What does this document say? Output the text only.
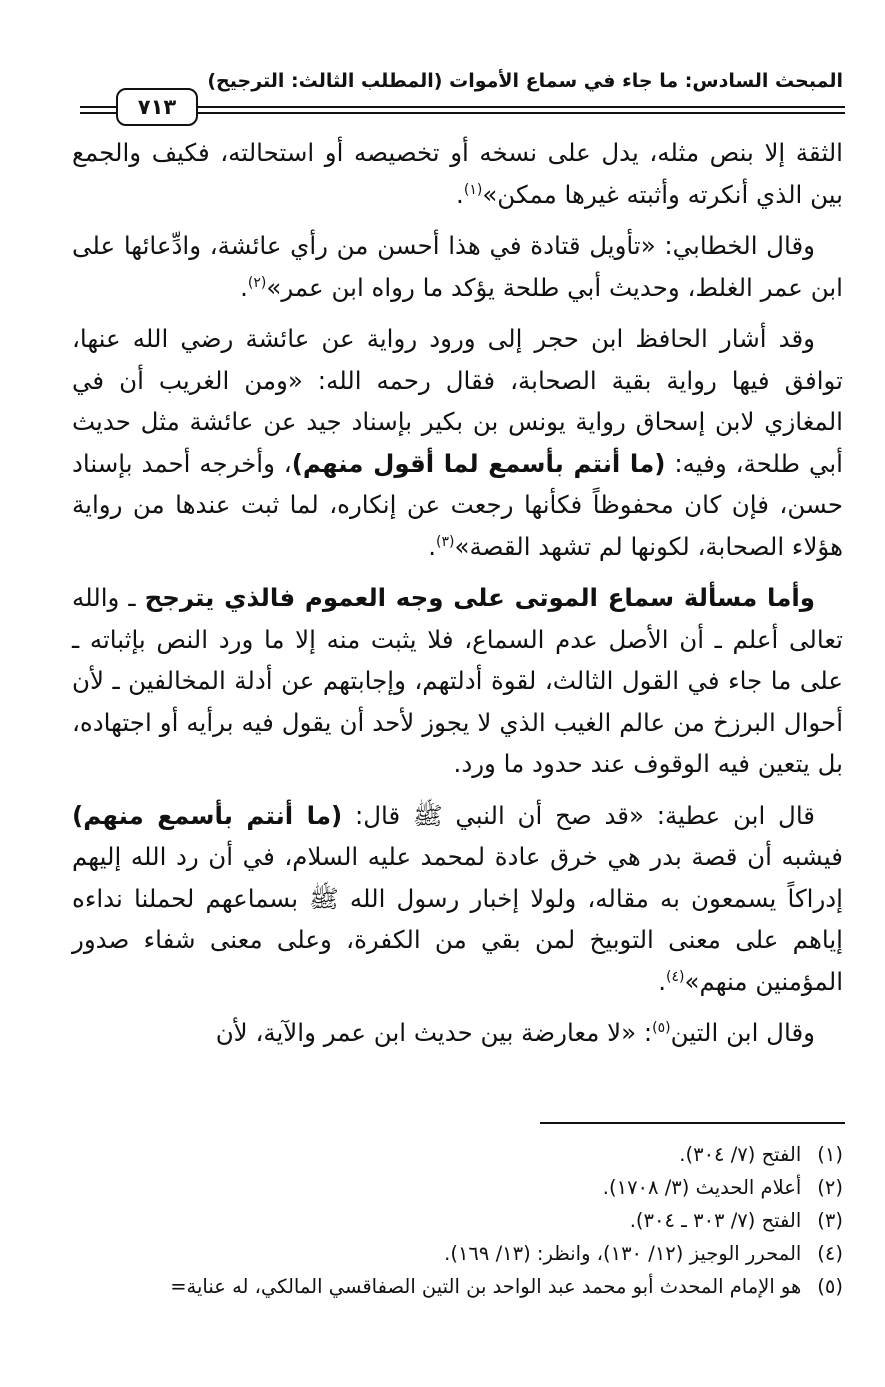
المبحث السادس: ما جاء في سماع الأموات (المطلب الثالث: الترجيح)
٧١٣

الثقة إلا بنص مثله، يدل على نسخه أو تخصيصه أو استحالته، فكيف والجمع بين الذي أنكرته وأثبته غيرها ممكن»$^{(١)}$.

وقال الخطابي: «تأويل قتادة في هذا أحسن من رأي عائشة، وادِّعائها على ابن عمر الغلط، وحديث أبي طلحة يؤكد ما رواه ابن عمر»$^{(٢)}$.

وقد أشار الحافظ ابن حجر إلى ورود رواية عن عائشة رضي الله عنها، توافق فيها رواية بقية الصحابة، فقال رحمه الله: «ومن الغريب أن في المغازي لابن إسحاق رواية يونس بن بكير بإسناد جيد عن عائشة مثل حديث أبي طلحة، وفيه: (ما أنتم بأسمع لما أقول منهم)، وأخرجه أحمد بإسناد حسن، فإن كان محفوظاً فكأنها رجعت عن إنكاره، لما ثبت عندها من رواية هؤلاء الصحابة، لكونها لم تشهد القصة»$^{(٣)}$.

وأما مسألة سماع الموتى على وجه العموم فالذي يترجح ـ والله تعالى أعلم ـ أن الأصل عدم السماع، فلا يثبت منه إلا ما ورد النص بإثباته ـ على ما جاء في القول الثالث، لقوة أدلتهم، وإجابتهم عن أدلة المخالفين ـ لأن أحوال البرزخ من عالم الغيب الذي لا يجوز لأحد أن يقول فيه برأيه أو اجتهاده، بل يتعين فيه الوقوف عند حدود ما ورد.

قال ابن عطية: «قد صح أن النبي ﷺ قال: (ما أنتم بأسمع منهم) فيشبه أن قصة بدر هي خرق عادة لمحمد عليه السلام، في أن رد الله إليهم إدراكاً يسمعون به مقاله، ولولا إخبار رسول الله ﷺ بسماعهم لحملنا نداءه إياهم على معنى التوبيخ لمن بقي من الكفرة، وعلى معنى شفاء صدور المؤمنين منهم»$^{(٤)}$.

وقال ابن التين$^{(٥)}$: «لا معارضة بين حديث ابن عمر والآية، لأن

(١)الفتح (٧/ ٣٠٤).

(٢)أعلام الحديث (٣/ ١٧٠٨).

(٣)الفتح (٧/ ٣٠٣ ـ ٣٠٤).

(٤)المحرر الوجيز (١٢/ ١٣٠)، وانظر: (١٣/ ١٦٩).

(٥)هو الإمام المحدث أبو محمد عبد الواحد بن التين الصفاقسي المالكي، له عناية=
